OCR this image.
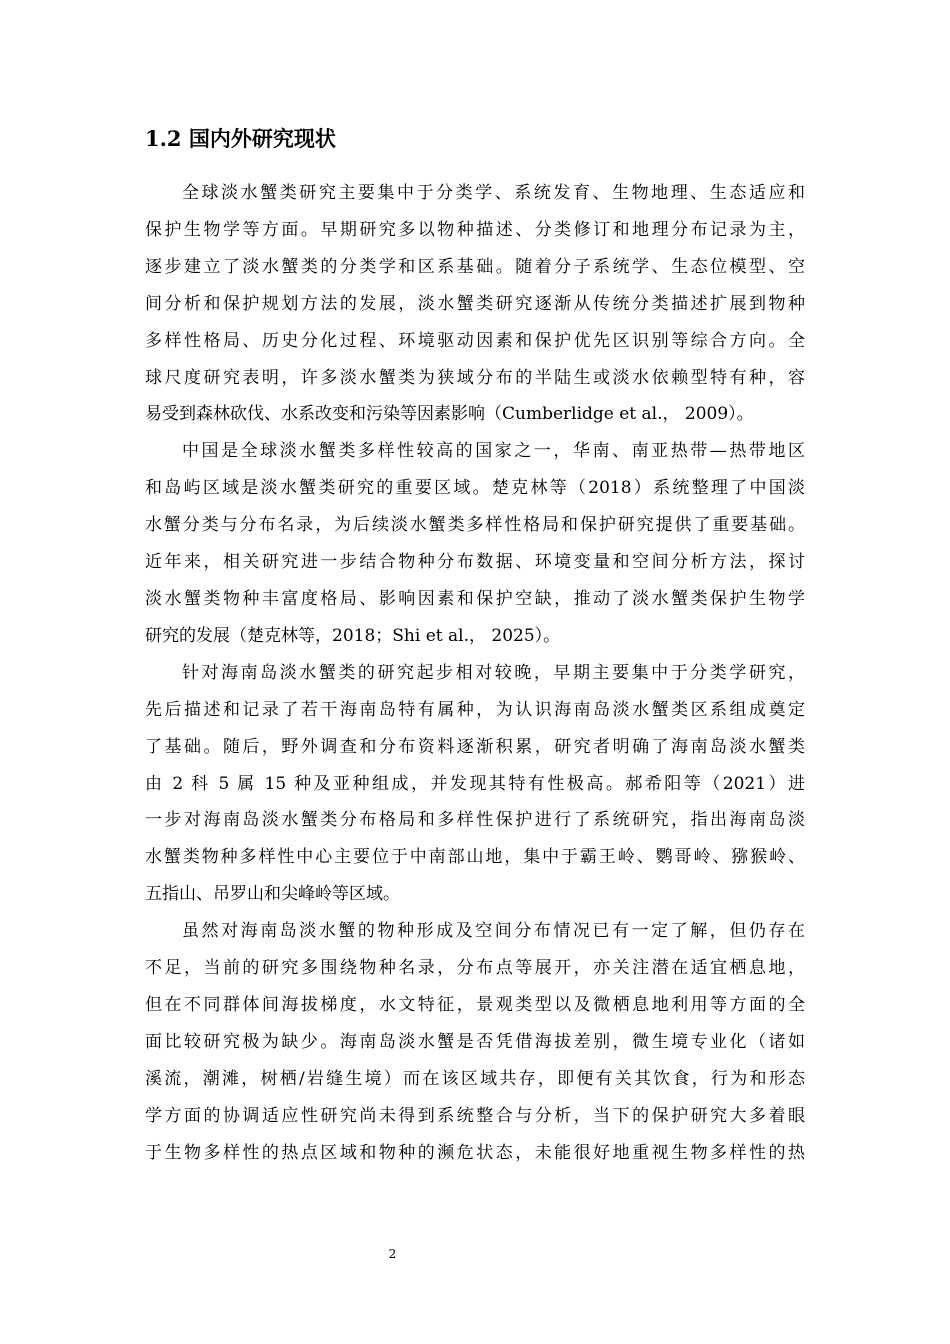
1.2 国内外研究现状
全球淡水蟹类研究主要集中于分类学、系统发育、生物地理、生态适应和
保护生物学等方面。早期研究多以物种描述、分类修订和地理分布记录为主，
逐步建立了淡水蟹类的分类学和区系基础。随着分子系统学、生态位模型、空
间分析和保护规划方法的发展，淡水蟹类研究逐渐从传统分类描述扩展到物种
多样性格局、历史分化过程、环境驱动因素和保护优先区识别等综合方向。全
球尺度研究表明，许多淡水蟹类为狭域分布的半陆生或淡水依赖型特有种，容
易受到森林砍伐、水系改变和污染等因素影响（Cumberlidge et al.， 2009）。
中国是全球淡水蟹类多样性较高的国家之一，华南、南亚热带—热带地区
和岛屿区域是淡水蟹类研究的重要区域。楚克林等（2018）系统整理了中国淡
水蟹分类与分布名录，为后续淡水蟹类多样性格局和保护研究提供了重要基础。
近年来，相关研究进一步结合物种分布数据、环境变量和空间分析方法，探讨
淡水蟹类物种丰富度格局、影响因素和保护空缺，推动了淡水蟹类保护生物学
研究的发展（楚克林等，2018；Shi et al.， 2025）。
针对海南岛淡水蟹类的研究起步相对较晚，早期主要集中于分类学研究，
先后描述和记录了若干海南岛特有属种，为认识海南岛淡水蟹类区系组成奠定
了基础。随后，野外调查和分布资料逐渐积累，研究者明确了海南岛淡水蟹类
由 2 科 5 属 15 种及亚种组成，并发现其特有性极高。郝希阳等（2021）进
一步对海南岛淡水蟹类分布格局和多样性保护进行了系统研究，指出海南岛淡
水蟹类物种多样性中心主要位于中南部山地，集中于霸王岭、鹦哥岭、猕猴岭、
五指山、吊罗山和尖峰岭等区域。
虽然对海南岛淡水蟹的物种形成及空间分布情况已有一定了解，但仍存在
不足，当前的研究多围绕物种名录，分布点等展开，亦关注潜在适宜栖息地，
但在不同群体间海拔梯度，水文特征，景观类型以及微栖息地利用等方面的全
面比较研究极为缺少。海南岛淡水蟹是否凭借海拔差别，微生境专业化（诸如
溪流，潮滩，树栖/岩缝生境）而在该区域共存，即便有关其饮食，行为和形态
学方面的协调适应性研究尚未得到系统整合与分析，当下的保护研究大多着眼
于生物多样性的热点区域和物种的濒危状态，未能很好地重视生物多样性的热
2
